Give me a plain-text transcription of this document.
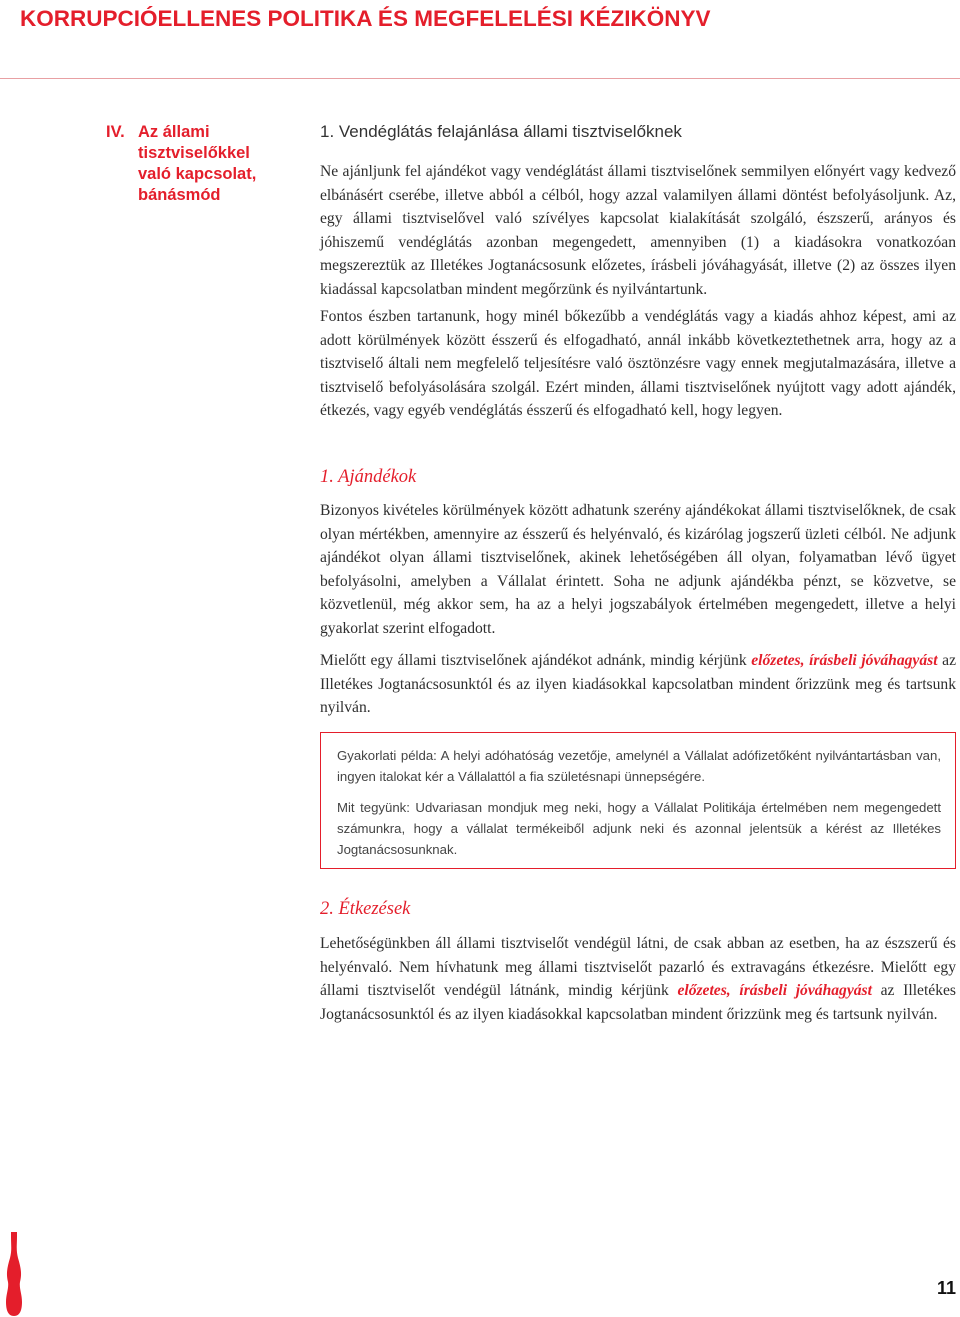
KORRUPCIÓELLENES POLITIKA ÉS MEGFELELÉSI KÉZIKÖNYV
IV. Az állami
tisztviselőkkel
való kapcsolat,
bánásmód
1. Vendéglátás felajánlása állami tisztviselőknek

Ne ajánljunk fel ajándékot vagy vendéglátást állami tisztviselőnek semmilyen előnyért vagy kedvező elbánásért cserébe, illetve abból a célból, hogy azzal valamilyen állami döntést befolyásoljunk. Az, egy állami tisztviselővel való szívélyes kapcsolat kialakítását szolgáló, észszerű, arányos és jóhiszemű vendéglátás azonban megengedett, amennyiben (1) a kiadásokra vonatkozóan megszereztük az Illetékes Jogtanácsosunk előzetes, írásbeli jóváhagyását, illetve (2) az összes ilyen kiadással kapcsolatban mindent megőrzünk és nyilvántartunk.

Fontos észben tartanunk, hogy minél bőkezűbb a vendéglátás vagy a kiadás ahhoz képest, ami az adott körülmények között ésszerű és elfogadható, annál inkább következtethetnek arra, hogy az a tisztviselő általi nem megfelelő teljesítésre való ösztönzésre vagy ennek megjutalmazására, illetve a tisztviselő befolyásolására szolgál. Ezért minden, állami tisztviselőnek nyújtott vagy adott ajándék, étkezés, vagy egyéb vendéglátás ésszerű és elfogadható kell, hogy legyen.

1. Ajándékok

Bizonyos kivételes körülmények között adhatunk szerény ajándékokat állami tisztviselőknek, de csak olyan mértékben, amennyire az ésszerű és helyénvaló, és kizárólag jogszerű üzleti célból. Ne adjunk ajándékot olyan állami tisztviselőnek, akinek lehetőségében áll olyan, folyamatban lévő ügyet befolyásolni, amelyben a Vállalat érintett. Soha ne adjunk ajándékba pénzt, se közvetve, se közvetlenül, még akkor sem, ha az a helyi jogszabályok értelmében megengedett, illetve a helyi gyakorlat szerint elfogadott.

Mielőtt egy állami tisztviselőnek ajándékot adnánk, mindig kérjünk előzetes, írásbeli jóváhagyást az Illetékes Jogtanácsosunktól és az ilyen kiadásokkal kapcsolatban mindent őrizzünk meg és tartsunk nyilván.

Gyakorlati példa: A helyi adóhatóság vezetője, amelynél a Vállalat adófizetőként nyilvántartásban van, ingyen italokat kér a Vállalattól a fia születésnapi ünnepségére.

Mit tegyünk: Udvariasan mondjuk meg neki, hogy a Vállalat Politikája értelmében nem megengedett számunkra, hogy a vállalat termékeiből adjunk neki és azonnal jelentsük a kérést az Illetékes Jogtanácsosunknak.

2. Étkezések

Lehetőségünkben áll állami tisztviselőt vendégül látni, de csak abban az esetben, ha az észszerű és helyénvaló. Nem hívhatunk meg állami tisztviselőt pazarló és extravagáns étkezésre. Mielőtt egy állami tisztviselőt vendégül látnánk, mindig kérjünk előzetes, írásbeli jóváhagyást az Illetékes Jogtanácsosunktól és az ilyen kiadásokkal kapcsolatban mindent őrizzünk meg és tartsunk nyilván.

11
